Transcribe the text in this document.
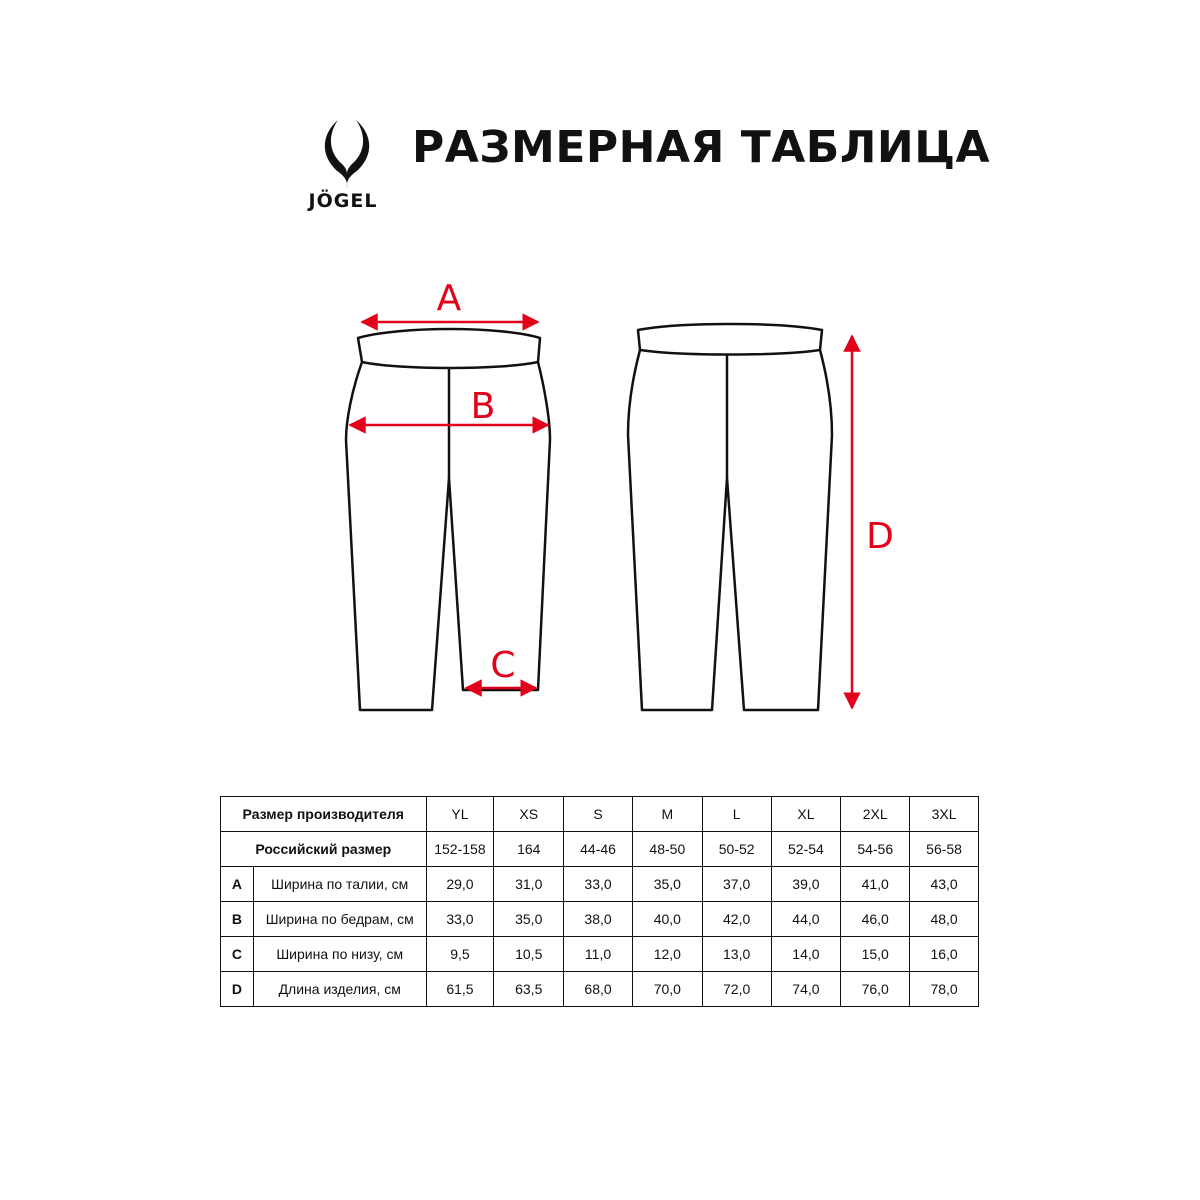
JÖGEL
РАЗМЕРНАЯ ТАБЛИЦА
A
B
C
D
Размер производителя		YL	XS	S	M	L	XL	2XL	3XL
Российский размер		152-158	164	44-46	48-50	50-52	52-54	54-56	56-58
A	Ширина по талии, см	29,0	31,0	33,0	35,0	37,0	39,0	41,0	43,0
B	Ширина по бедрам, см	33,0	35,0	38,0	40,0	42,0	44,0	46,0	48,0
C	Ширина по низу, см	9,5	10,5	11,0	12,0	13,0	14,0	15,0	16,0
D	Длина изделия, см	61,5	63,5	68,0	70,0	72,0	74,0	76,0	78,0
